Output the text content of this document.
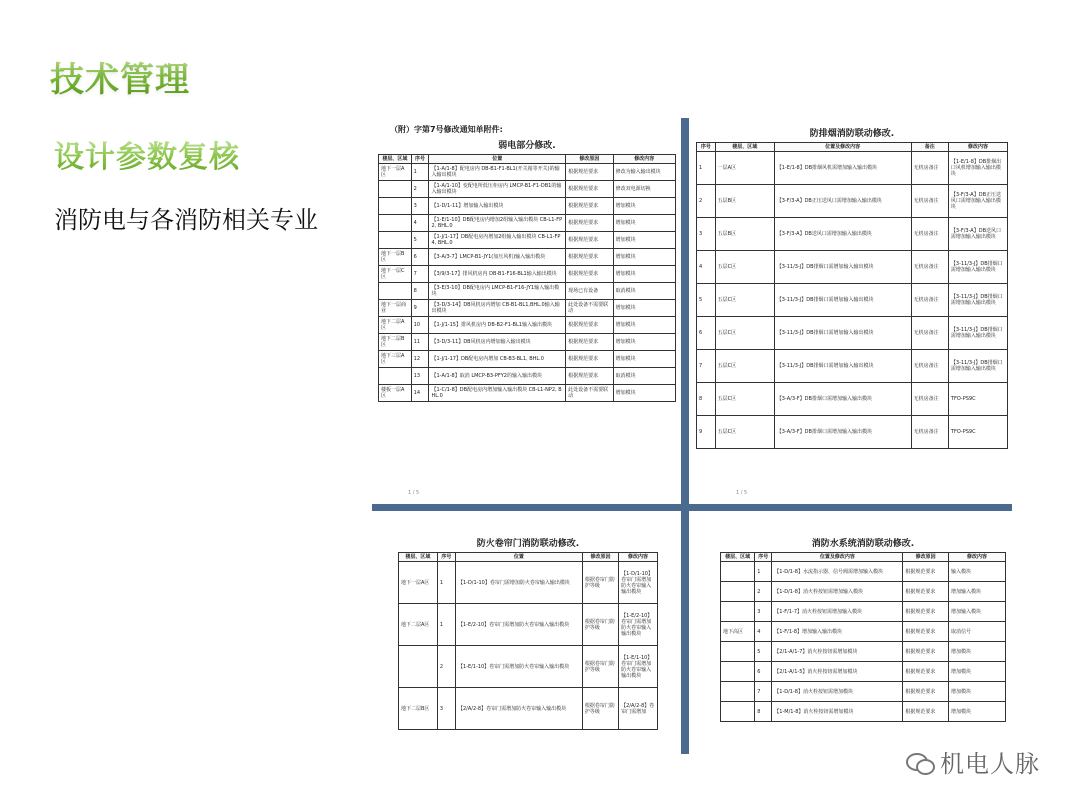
技术管理
设计参数复核
消防电与各消防相关专业
（附）字第7号修改通知单附件:
弱电部分修改.
楼层、区域	序号	位置	修改原因	修改内容
地下一层A区	1	【1-A/1-8】配电房内 DB-B1-F1-BL1(开关箱等开关)的输入输出模块	根据规范要求	修改为输入输出模块
	2	【1-A/1-10】变配电所低压柜房内 LMCP-B1-F1-DB1的输入输出模块	根据规范要求	修改双电源切换
	3	【1-D/1-11】增加输入输出模块	根据规范要求	增加模块
	4	【1-E/1-10】DB配电房内增加2组输入输出模块 CB-L1-FP2, BHL.0	根据规范要求	增加模块
	5	【1-J/1-17】DB配电房内增加2组输入输出模块 CB-L1-FP4, BHL.0	根据规范要求	增加模块
地下一层B区	6	【3-A/3-7】LMCP-B1-JY1(加压风机)输入输出模块	根据规范要求	增加模块
地下一层C区	7	【3/9/3-17】排风机房内 DB-B1-F16-BL1输入输出模块	根据规范要求	增加模块
	8	【3-E/3-10】DB配电房内 LMCP-B1-F16-JY1输入输出模块	现场已有设备	取消模块
地下一层商业	9	【3-D/3-14】DB风机房内增加 CB-B1-BL1,BHL.0输入输出模块	此处设备不需要联动	增加模块
地下二层A区	10	【1-J/1-15】排风机房内 DB-B2-F1-BL1输入输出模块	根据规范要求	增加模块
地下二层B区	11	【3-D/3-11】DB风机房内增加输入输出模块	根据规范要求	增加模块
地下三层A区	12	【1-J/1-17】DB配电房内增加 CB-B3-BL1, BHL.0	根据规范要求	增加模块
	13	【1-A/1-8】取消 LMCP-B3-PFY2的输入输出模块	根据规范要求	取消模块
楼板一层A区	14	【1-C/1-8】DB配电房内增加输入输出模块 CB-L1-NP2, BHL.0	此处设备不需要联动	增加模块
1 / 5
防排烟消防联动修改.
序号	楼层、区域	位置及修改内容	备注	修改内容
1	一层A区	【1-E/1-8】DB排烟风机需增加输入输出模块	无机房备注	【1-E/1-8】DB排烟出口风机增加输入输出模块
2	五层B区	【3-F/3-A】DB正压送风口需增加输入输出模块	无机房备注	【3-F/3-A】DB正压送风口需增加输入输出模块
3	五层B区	【3-F/3-A】DB送风口需增加输入输出模块	无机房备注	【3-F/3-A】DB送风口需增加输入输出模块
4	五层C区	【3-11/3-J】DB排烟口需增加输入输出模块	无机房备注	【3-11/3-J】DB排烟口需增加输入输出模块
5	五层C区	【3-11/3-J】DB排烟口需增加输入输出模块	无机房备注	【3-11/3-J】DB排烟口需增加输入输出模块
6	五层C区	【3-11/3-J】DB排烟口需增加输入输出模块	无机房备注	【3-11/3-J】DB排烟口需增加输入输出模块
7	五层C区	【3-11/3-J】DB排烟口需增加输入输出模块	无机房备注	【3-11/3-J】DB排烟口需增加输入输出模块
8	五层C区	【3-A/3-F】DB排烟口需增加输入输出模块	无机房备注	TFO-PS9C
9	五层C区	【3-A/3-F】DB排烟口需增加输入输出模块	无机房备注	TFO-PS9C
1 / 5
防火卷帘门消防联动修改.
楼层、区域	序号	位置	修改原因	修改内容
地下一层A区	1	【1-D/1-10】卷帘门需增加防火卷帘输入输出模块	根据卷帘门防护等级	【1-D/1-10】卷帘门需增加防火卷帘输入输出模块
地下二层A区	1	【1-E/2-10】卷帘门需增加防火卷帘输入输出模块	根据卷帘门防护等级	【1-E/2-10】卷帘门需增加防火卷帘输入输出模块
	2	【1-E/1-10】卷帘门需增加防火卷帘输入输出模块	根据卷帘门防护等级	【1-E/1-10】卷帘门需增加防火卷帘输入输出模块
地下二层B区	3	【2/A/2-8】卷帘门需增加防火卷帘输入输出模块	根据卷帘门防护等级	【2/A/2-8】卷帘门需增加
消防水系统消防联动修改.
楼层、区域	序号	位置及修改内容	修改原因	修改内容
	1	【1-D/1-8】水流指示器、信号阀需增加输入模块	根据规范要求	输入模块
	2	【1-D/1-8】消火栓按钮需增加输入模块	根据规范要求	增加输入模块
	3	【1-F/1-7】消火栓按钮需增加输入模块	根据规范要求	增加输入模块
地下高区	4	【1-F/1-8】增加输入输出模块	根据规范要求	取消信号
	5	【2/1-A/1-7】消火栓按钮需增加模块	根据规范要求	增加模块
	6	【2/1-A/1-5】消火栓按钮需增加模块	根据规范要求	增加模块
	7	【1-D/1-8】消火栓按钮需增加模块	根据规范要求	增加模块
	8	【1-M/1-8】消火栓按钮需增加模块	根据规范要求	增加模块
机电人脉
